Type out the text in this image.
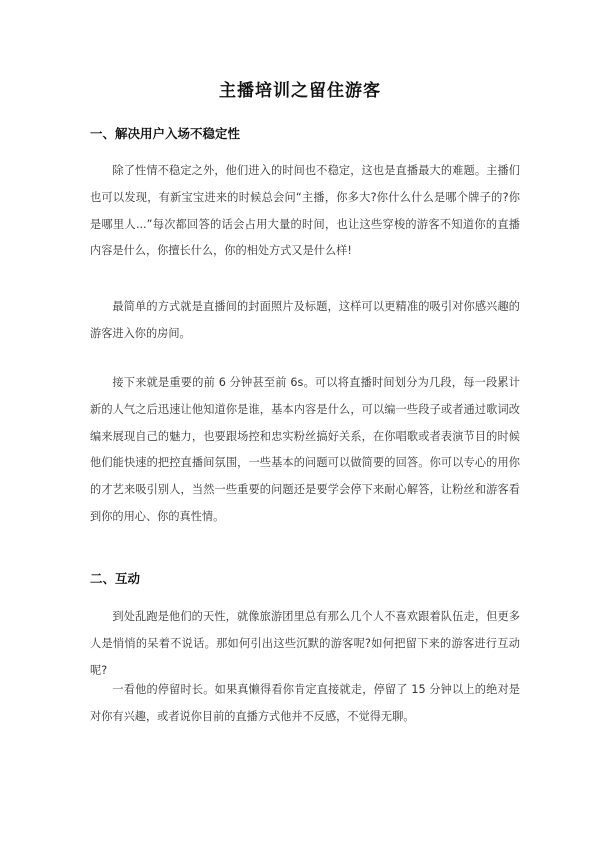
主播培训之留住游客
一、解决用户入场不稳定性
除了性情不稳定之外，他们进入的时间也不稳定，这也是直播最大的难题。主播们也可以发现，有新宝宝进来的时候总会问“主播，你多大?你什么什么是哪个牌子的?你是哪里人...”每次都回答的话会占用大量的时间，也让这些穿梭的游客不知道你的直播内容是什么，你擅长什么，你的相处方式又是什么样!
最简单的方式就是直播间的封面照片及标题，这样可以更精准的吸引对你感兴趣的游客进入你的房间。
接下来就是重要的前 6 分钟甚至前 6s。可以将直播时间划分为几段，每一段累计新的人气之后迅速让他知道你是谁，基本内容是什么，可以编一些段子或者通过歌词改编来展现自己的魅力，也要跟场控和忠实粉丝搞好关系，在你唱歌或者表演节目的时候他们能快速的把控直播间氛围，一些基本的问题可以做简要的回答。你可以专心的用你的才艺来吸引别人，当然一些重要的问题还是要学会停下来耐心解答，让粉丝和游客看到你的用心、你的真性情。
二、互动
到处乱跑是他们的天性，就像旅游团里总有那么几个人不喜欢跟着队伍走，但更多人是悄悄的呆着不说话。那如何引出这些沉默的游客呢?如何把留下来的游客进行互动呢?
一看他的停留时长。如果真懒得看你肯定直接就走，停留了 15 分钟以上的绝对是对你有兴趣，或者说你目前的直播方式他并不反感，不觉得无聊。
